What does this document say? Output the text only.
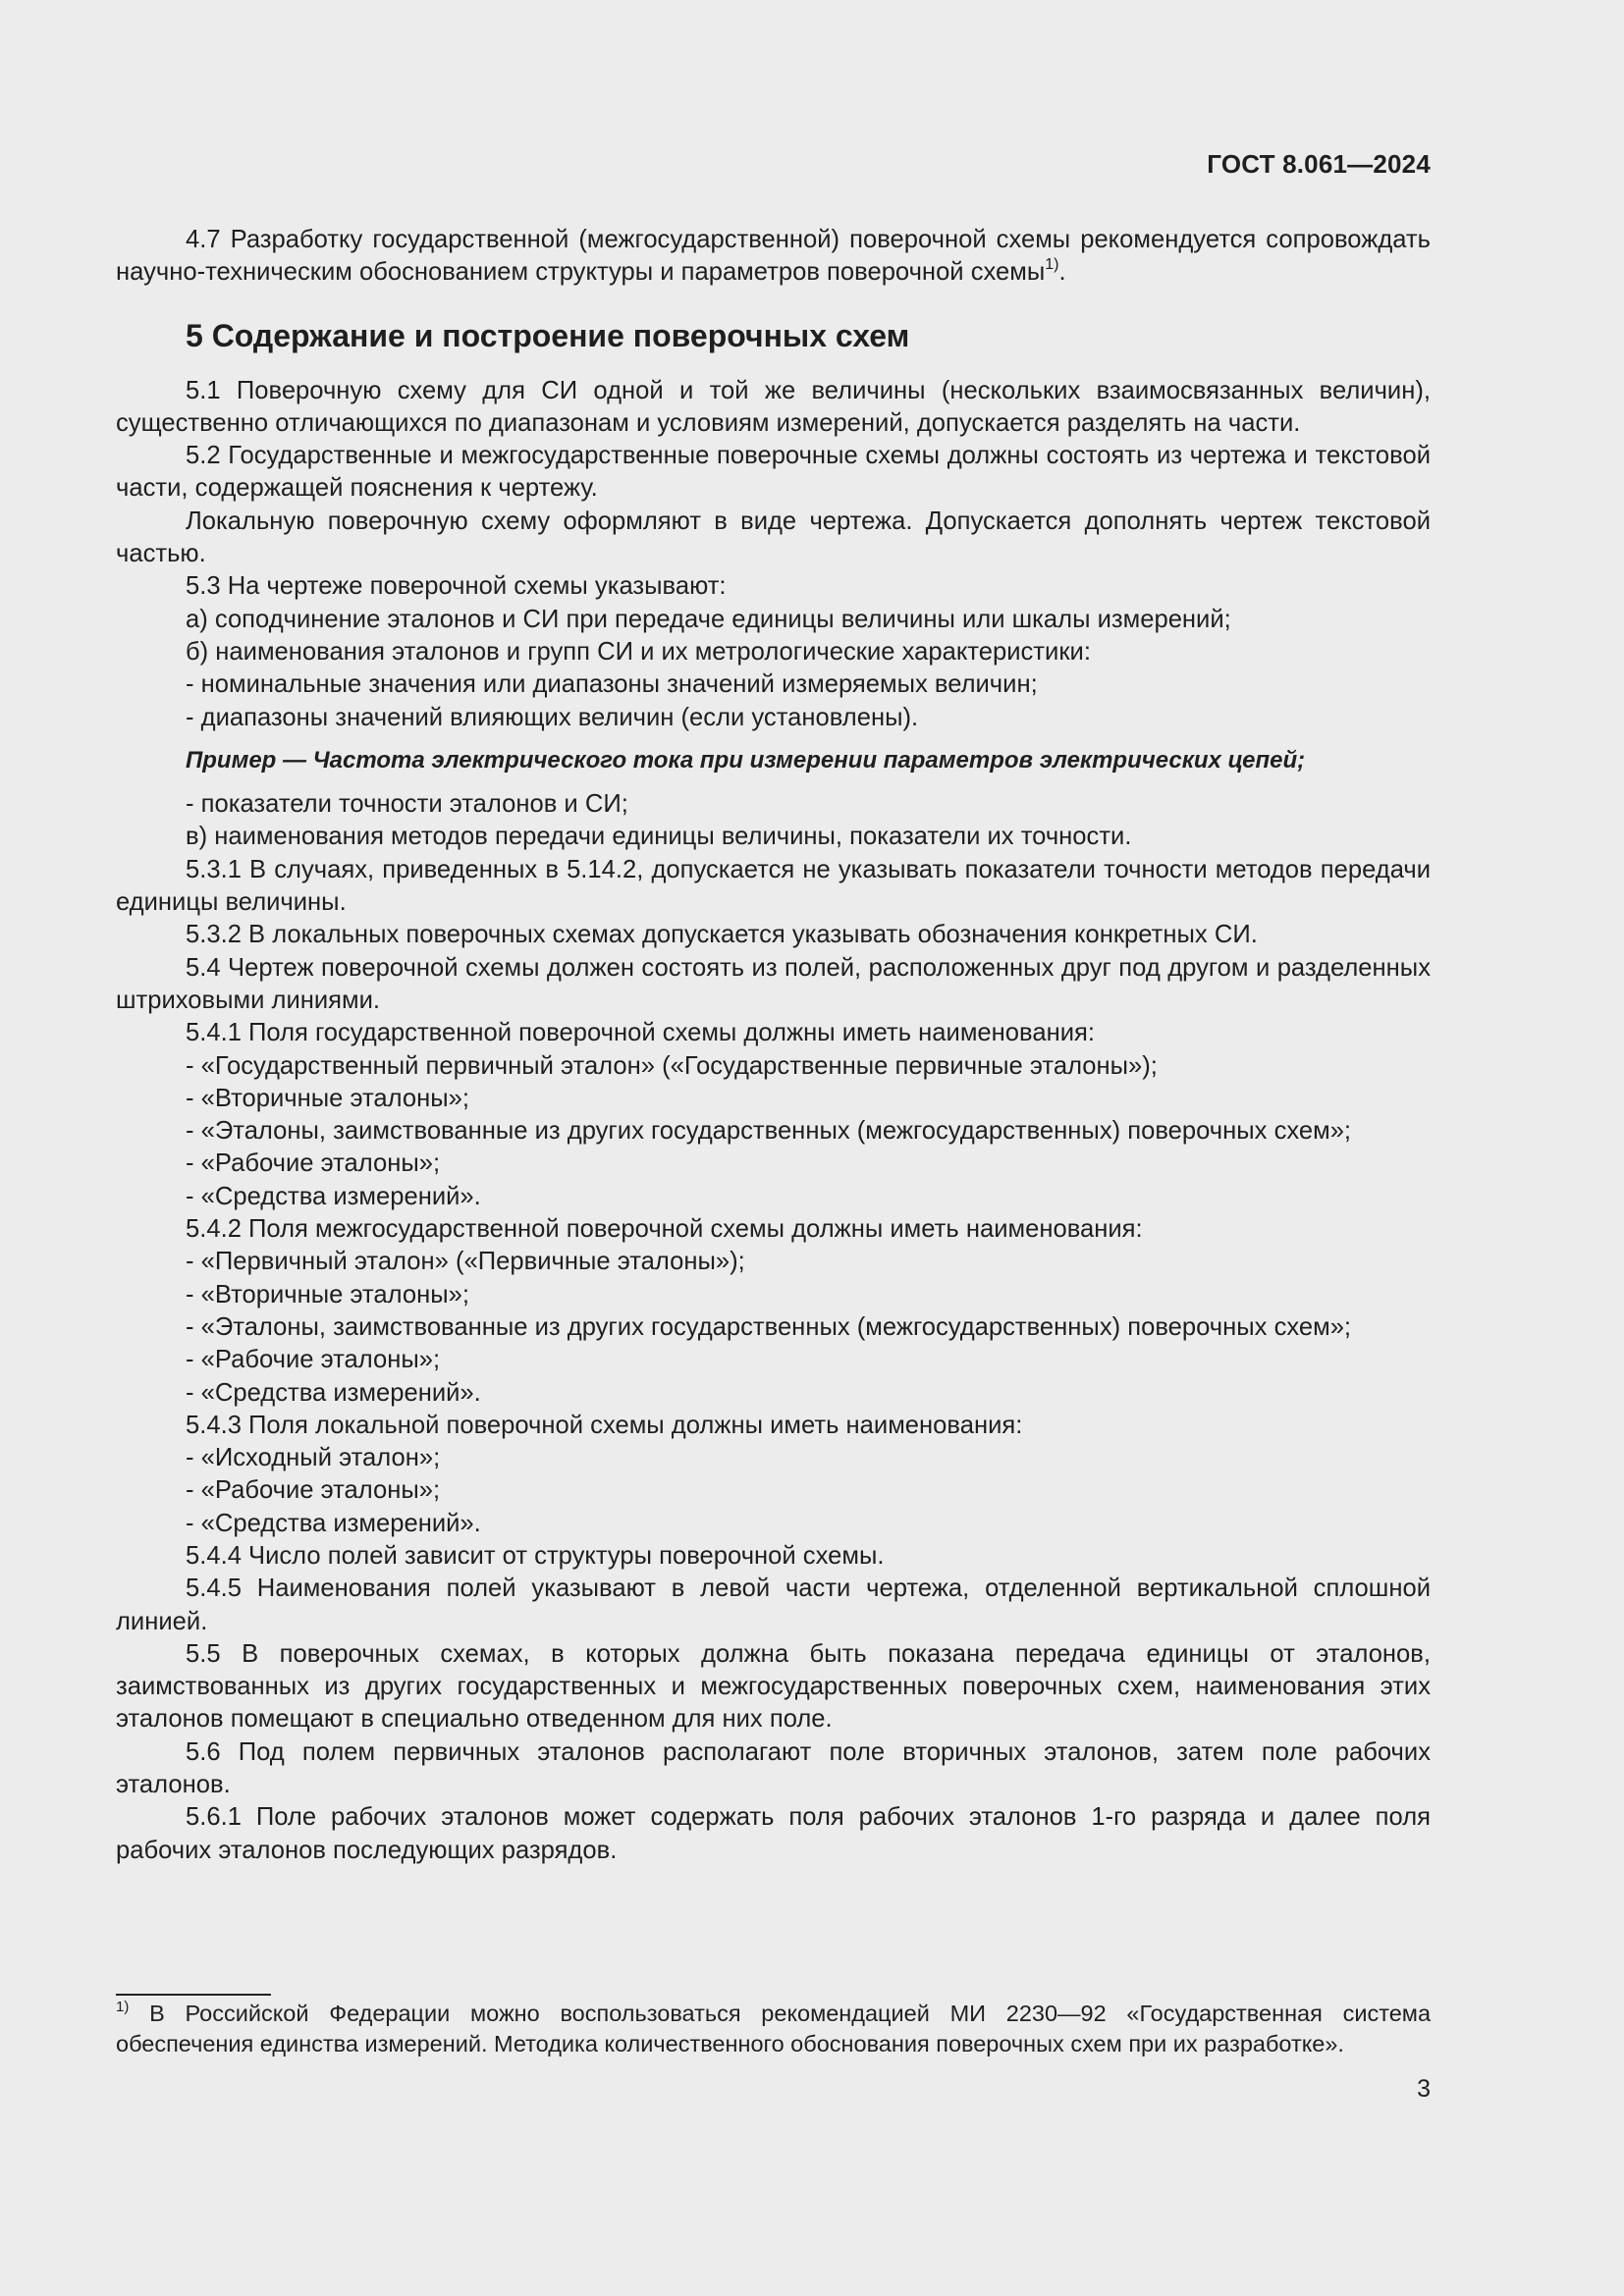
ГОСТ 8.061—2024

4.7 Разработку государственной (межгосударственной) поверочной схемы рекомендуется сопровождать научно-техническим обоснованием структуры и параметров поверочной схемы$^{1)}$.

5 Содержание и построение поверочных схем

5.1 Поверочную схему для СИ одной и той же величины (нескольких взаимосвязанных величин), существенно отличающихся по диапазонам и условиям измерений, допускается разделять на части.

5.2 Государственные и межгосударственные поверочные схемы должны состоять из чертежа и текстовой части, содержащей пояснения к чертежу.

Локальную поверочную схему оформляют в виде чертежа. Допускается дополнять чертеж текстовой частью.

5.3 На чертеже поверочной схемы указывают:

а) соподчинение эталонов и СИ при передаче единицы величины или шкалы измерений;

б) наименования эталонов и групп СИ и их метрологические характеристики:

- номинальные значения или диапазоны значений измеряемых величин;

- диапазоны значений влияющих величин (если установлены).

Пример — Частота электрического тока при измерении параметров электрических цепей;

- показатели точности эталонов и СИ;

в) наименования методов передачи единицы величины, показатели их точности.

5.3.1 В случаях, приведенных в 5.14.2, допускается не указывать показатели точности методов передачи единицы величины.

5.3.2 В локальных поверочных схемах допускается указывать обозначения конкретных СИ.

5.4 Чертеж поверочной схемы должен состоять из полей, расположенных друг под другом и разделенных штриховыми линиями.

5.4.1 Поля государственной поверочной схемы должны иметь наименования:

- «Государственный первичный эталон» («Государственные первичные эталоны»);

- «Вторичные эталоны»;

- «Эталоны, заимствованные из других государственных (межгосударственных) поверочных схем»;

- «Рабочие эталоны»;

- «Средства измерений».

5.4.2 Поля межгосударственной поверочной схемы должны иметь наименования:

- «Первичный эталон» («Первичные эталоны»);

- «Вторичные эталоны»;

- «Эталоны, заимствованные из других государственных (межгосударственных) поверочных схем»;

- «Рабочие эталоны»;

- «Средства измерений».

5.4.3 Поля локальной поверочной схемы должны иметь наименования:

- «Исходный эталон»;

- «Рабочие эталоны»;

- «Средства измерений».

5.4.4 Число полей зависит от структуры поверочной схемы.

5.4.5 Наименования полей указывают в левой части чертежа, отделенной вертикальной сплошной линией.

5.5 В поверочных схемах, в которых должна быть показана передача единицы от эталонов, заимствованных из других государственных и межгосударственных поверочных схем, наименования этих эталонов помещают в специально отведенном для них поле.

5.6 Под полем первичных эталонов располагают поле вторичных эталонов, затем поле рабочих эталонов.

5.6.1 Поле рабочих эталонов может содержать поля рабочих эталонов 1-го разряда и далее поля рабочих эталонов последующих разрядов.

$^{1)}$ В Российской Федерации можно воспользоваться рекомендацией МИ 2230—92 «Государственная система обеспечения единства измерений. Методика количественного обоснования поверочных схем при их разработке».
3
